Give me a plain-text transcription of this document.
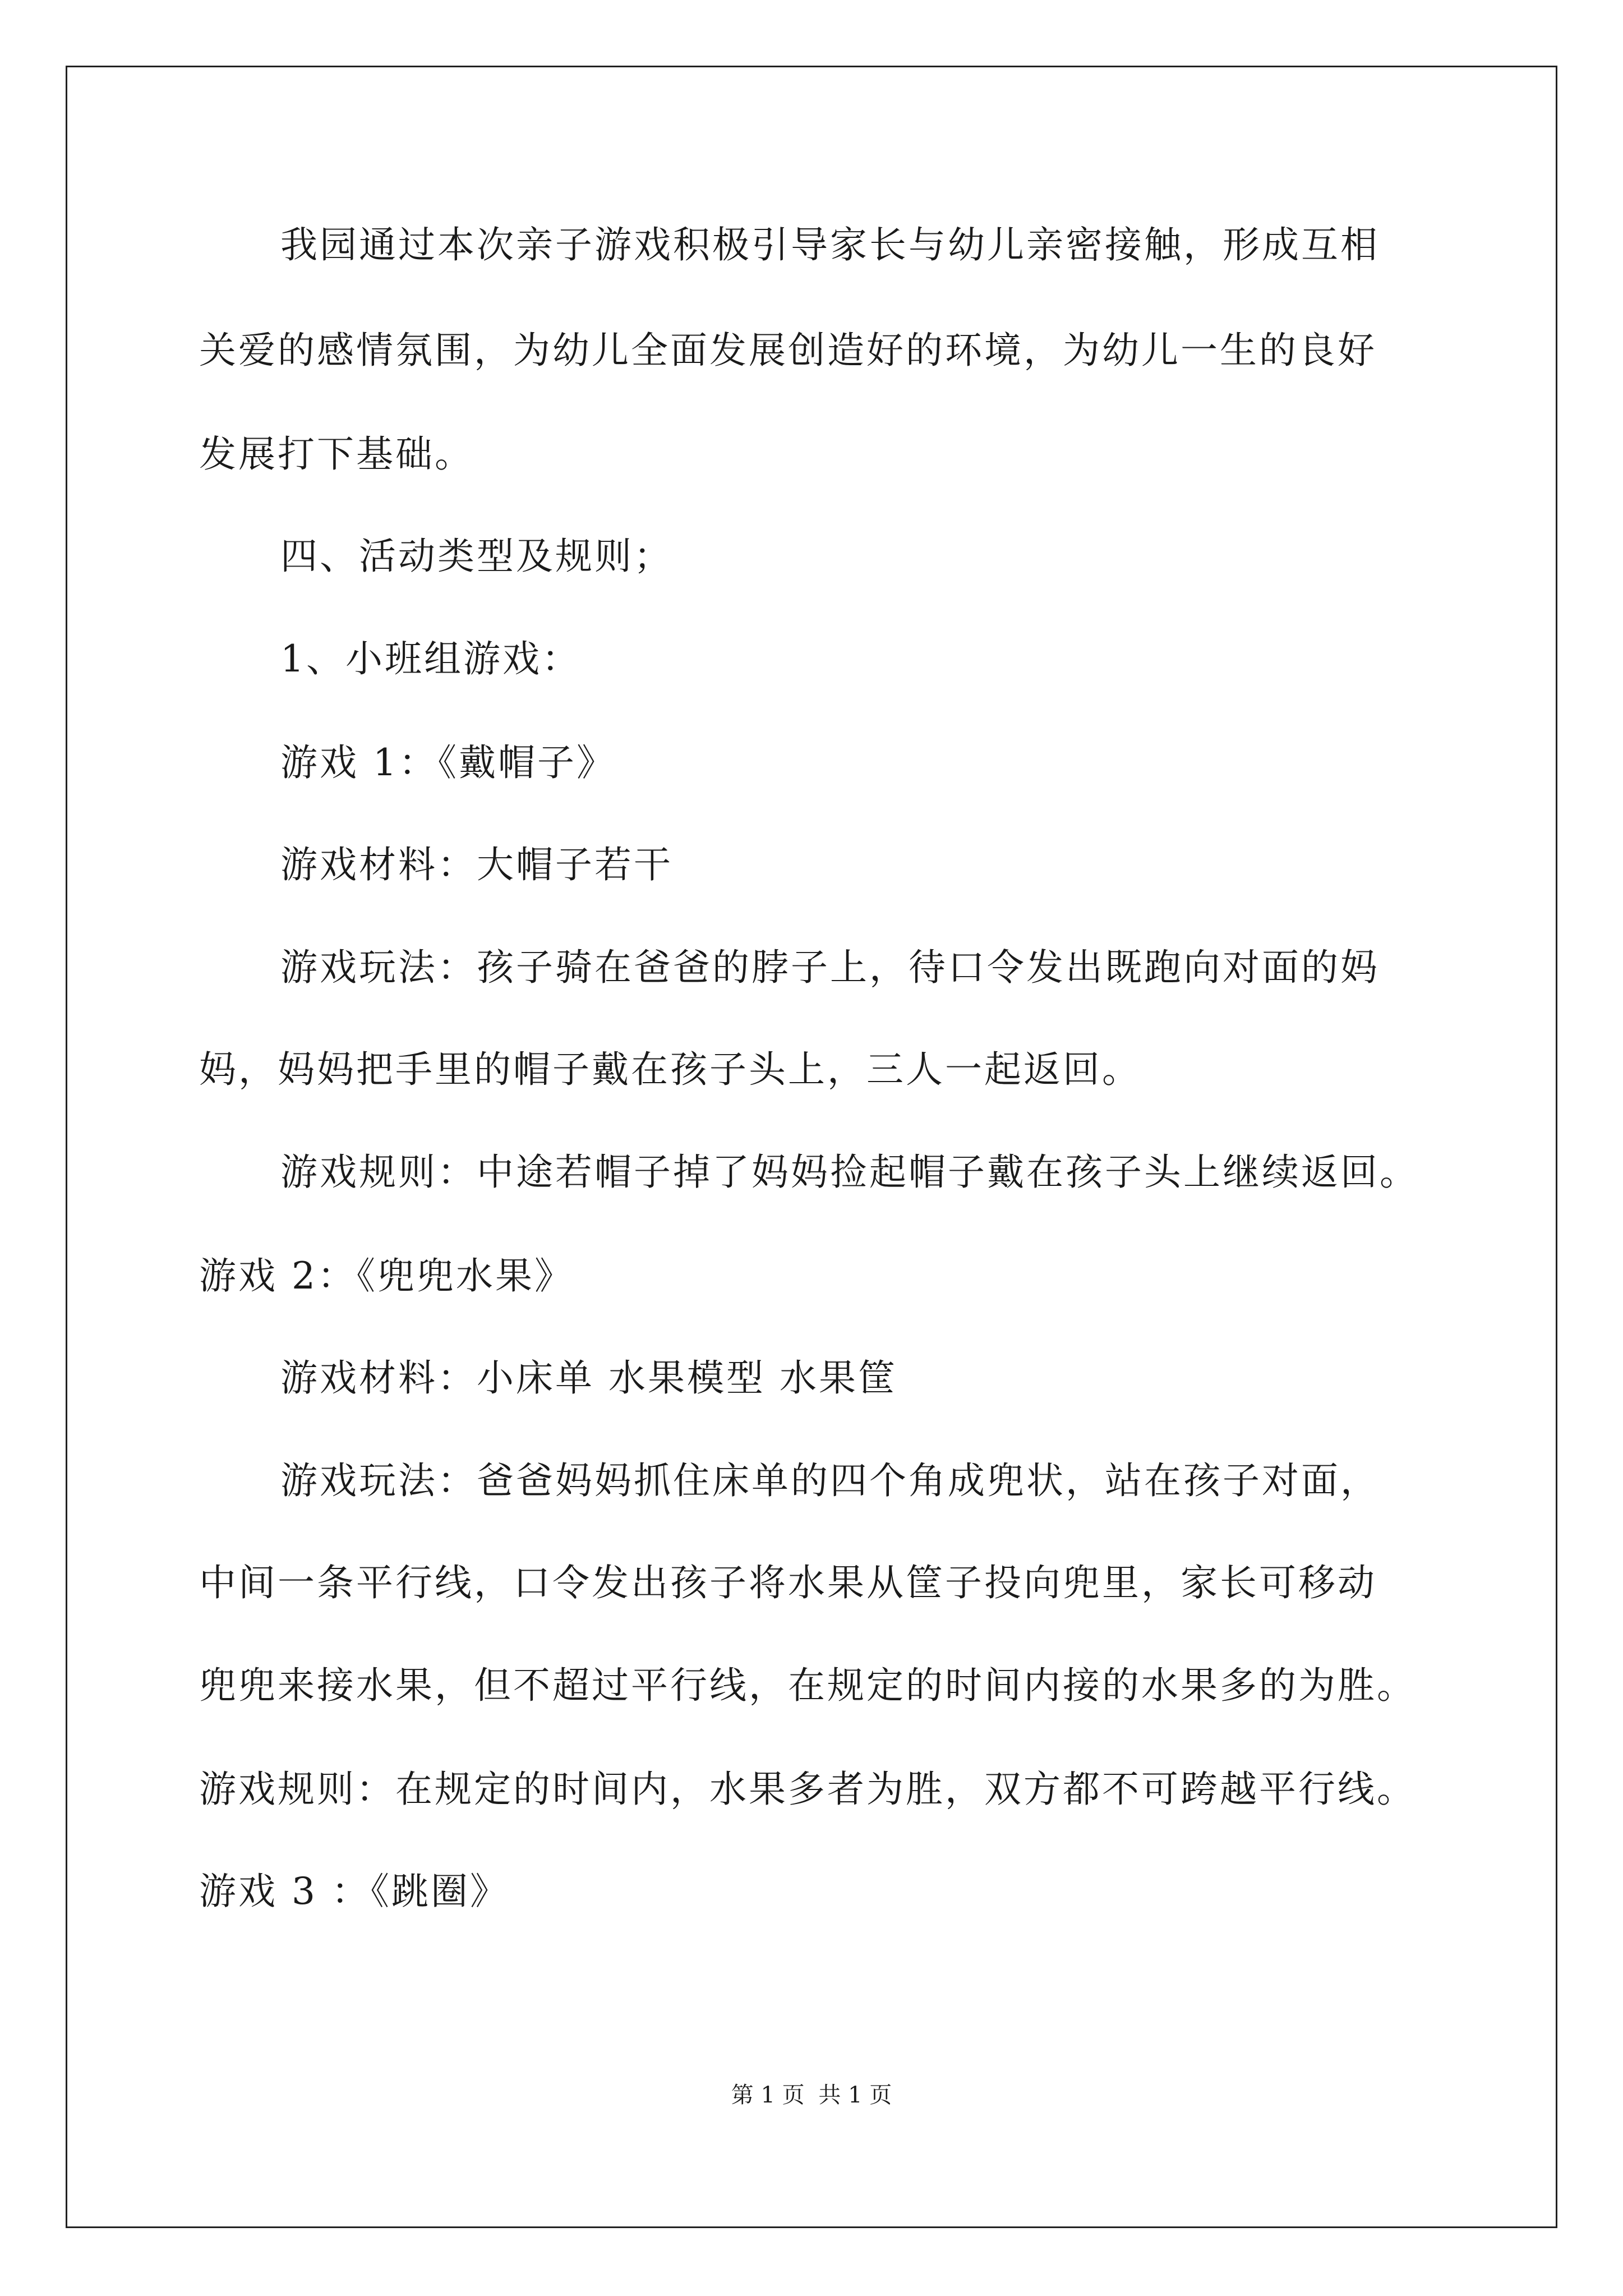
我园通过本次亲子游戏积极引导家长与幼儿亲密接触，形成互相
关爱的感情氛围，为幼儿全面发展创造好的环境，为幼儿一生的良好
发展打下基础。
四、活动类型及规则；
1、小班组游戏：
游戏 1：《戴帽子》
游戏材料：大帽子若干
游戏玩法：孩子骑在爸爸的脖子上，待口令发出既跑向对面的妈
妈，妈妈把手里的帽子戴在孩子头上，三人一起返回。
游戏规则：中途若帽子掉了妈妈捡起帽子戴在孩子头上继续返回。
游戏 2：《兜兜水果》
游戏材料：小床单 水果模型 水果筐
游戏玩法：爸爸妈妈抓住床单的四个角成兜状，站在孩子对面，
中间一条平行线，口令发出孩子将水果从筐子投向兜里，家长可移动
兜兜来接水果，但不超过平行线，在规定的时间内接的水果多的为胜。
游戏规则：在规定的时间内，水果多者为胜，双方都不可跨越平行线。
游戏 3 ：《跳圈》
第 1 页 共 1 页
